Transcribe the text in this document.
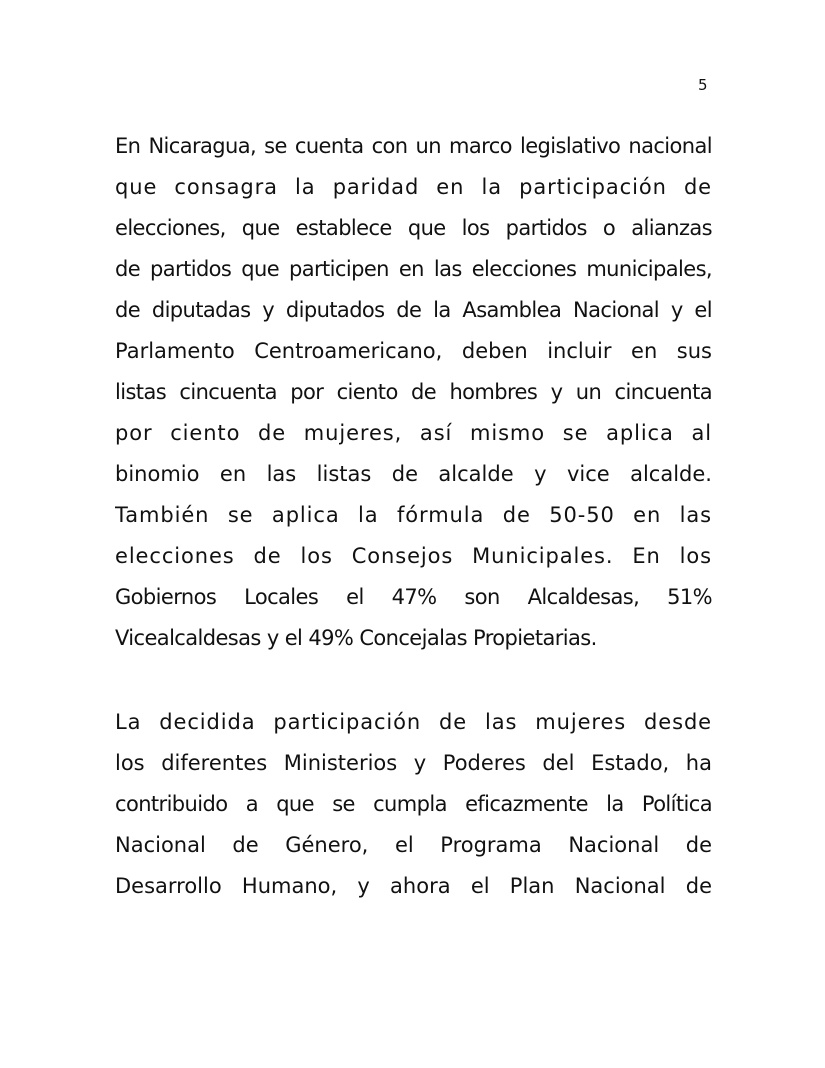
5
En Nicaragua, se cuenta con un marco legislativo nacional
que consagra la paridad en la participación de
elecciones, que establece que los partidos o alianzas
de partidos que participen en las elecciones municipales,
de diputadas y diputados de la Asamblea Nacional y el
Parlamento Centroamericano, deben incluir en sus
listas cincuenta por ciento de hombres y un cincuenta
por ciento de mujeres, así mismo se aplica al
binomio en las listas de alcalde y vice alcalde.
También se aplica la fórmula de 50-50 en las
elecciones de los Consejos Municipales. En los
Gobiernos Locales el 47% son Alcaldesas, 51%
Vicealcaldesas y el 49% Concejalas Propietarias.
La decidida participación de las mujeres desde
los diferentes Ministerios y Poderes del Estado, ha
contribuido a que se cumpla eficazmente la Política
Nacional de Género, el Programa Nacional de
Desarrollo Humano, y ahora el Plan Nacional de
